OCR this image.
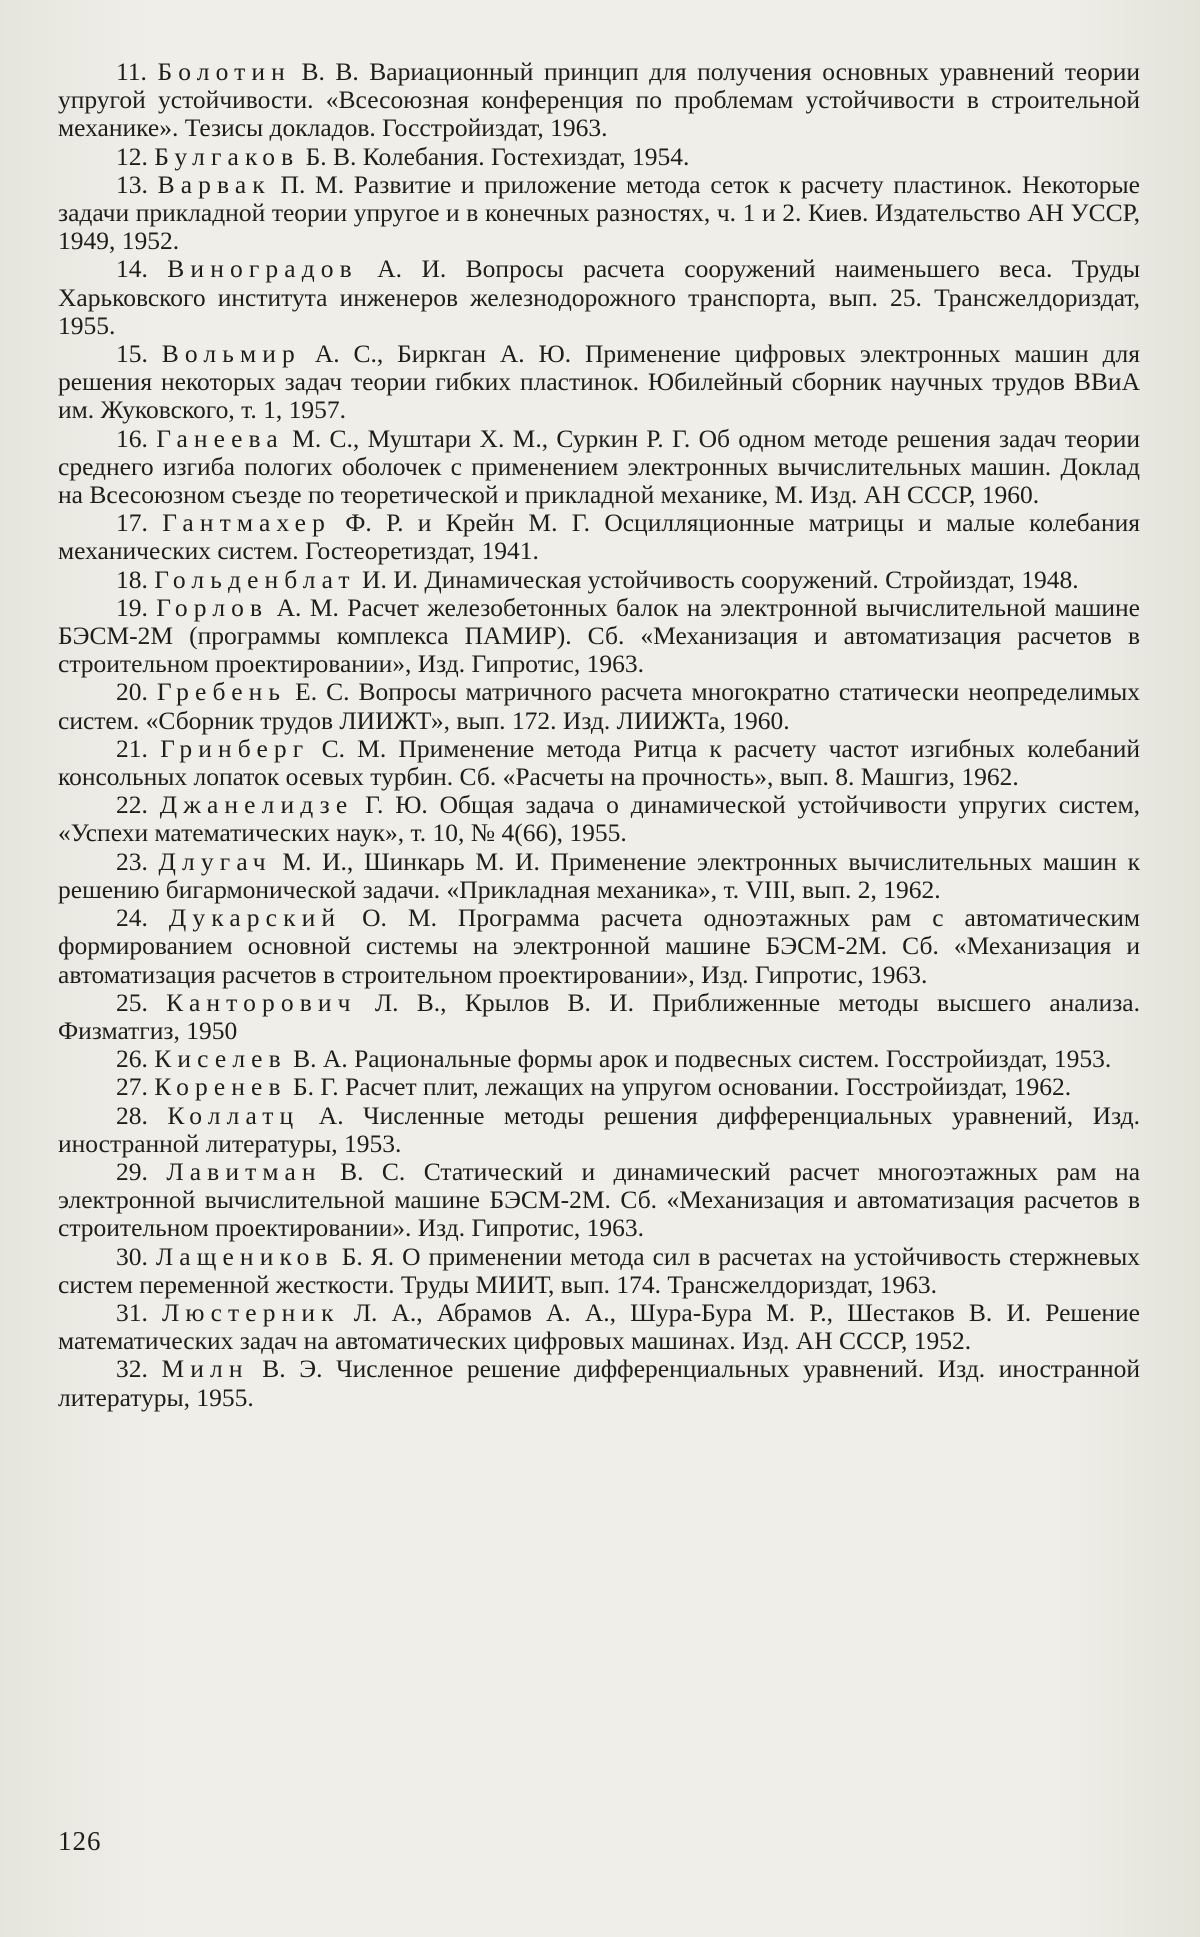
11. Болотин В. В. Вариационный принцип для получения основных уравнений теории упругой устойчивости. «Всесоюзная конференция по проблемам устойчивости в строительной механике». Тезисы докладов. Госстройиздат, 1963.

12. Булгаков Б. В. Колебания. Гостехиздат, 1954.

13. Варвак П. М. Развитие и приложение метода сеток к расчету пластинок. Некоторые задачи прикладной теории упругое и в конечных разностях, ч. 1 и 2. Киев. Издательство АН УССР, 1949, 1952.

14. Виноградов А. И. Вопросы расчета сооружений наименьшего веса. Труды Харьковского института инженеров железнодорожного транспорта, вып. 25. Трансжелдориздат, 1955.

15. Вольмир А. С., Биркган А. Ю. Применение цифровых электронных машин для решения некоторых задач теории гибких пластинок. Юбилейный сборник научных трудов ВВиА им. Жуковского, т. 1, 1957.

16. Ганеева М. С., Муштари Х. М., Суркин Р. Г. Об одном методе решения задач теории среднего изгиба пологих оболочек с применением электронных вычислительных машин. Доклад на Всесоюзном съезде по теоретической и прикладной механике, М. Изд. АН СССР, 1960.

17. Гантмахер Ф. Р. и Крейн М. Г. Осцилляционные матрицы и малые колебания механических систем. Гостеоретиздат, 1941.

18. Гольденблат И. И. Динамическая устойчивость сооружений. Стройиздат, 1948.

19. Горлов А. М. Расчет железобетонных балок на электронной вычислительной машине БЭСМ-2М (программы комплекса ПАМИР). Сб. «Механизация и автоматизация расчетов в строительном проектировании», Изд. Гипротис, 1963.

20. Гребень Е. С. Вопросы матричного расчета многократно статически неопределимых систем. «Сборник трудов ЛИИЖТ», вып. 172. Изд. ЛИИЖТа, 1960.

21. Гринберг С. М. Применение метода Ритца к расчету частот изгибных колебаний консольных лопаток осевых турбин. Сб. «Расчеты на прочность», вып. 8. Машгиз, 1962.

22. Джанелидзе Г. Ю. Общая задача о динамической устойчивости упругих систем, «Успехи математических наук», т. 10, № 4(66), 1955.

23. Длугач М. И., Шинкарь М. И. Применение электронных вычислительных машин к решению бигармонической задачи. «Прикладная механика», т. VIII, вып. 2, 1962.

24. Дукарский О. М. Программа расчета одноэтажных рам с автоматическим формированием основной системы на электронной машине БЭСМ-2М. Сб. «Механизация и автоматизация расчетов в строительном проектировании», Изд. Гипротис, 1963.

25. Канторович Л. В., Крылов В. И. Приближенные методы высшего анализа. Физматгиз, 1950

26. Киселев В. А. Рациональные формы арок и подвесных систем. Госстройиздат, 1953.

27. Коренев Б. Г. Расчет плит, лежащих на упругом основании. Госстройиздат, 1962.

28. Коллатц А. Численные методы решения дифференциальных уравнений, Изд. иностранной литературы, 1953.

29. Лавитман В. С. Статический и динамический расчет многоэтажных рам на электронной вычислительной машине БЭСМ-2М. Сб. «Механизация и автоматизация расчетов в строительном проектировании». Изд. Гипротис, 1963.

30. Лащеников Б. Я. О применении метода сил в расчетах на устойчивость стержневых систем переменной жесткости. Труды МИИТ, вып. 174. Трансжелдориздат, 1963.

31. Люстерник Л. А., Абрамов А. А., Шура-Бура М. Р., Шестаков В. И. Решение математических задач на автоматических цифровых машинах. Изд. АН СССР, 1952.

32. Милн В. Э. Численное решение дифференциальных уравнений. Изд. иностранной литературы, 1955.

126
